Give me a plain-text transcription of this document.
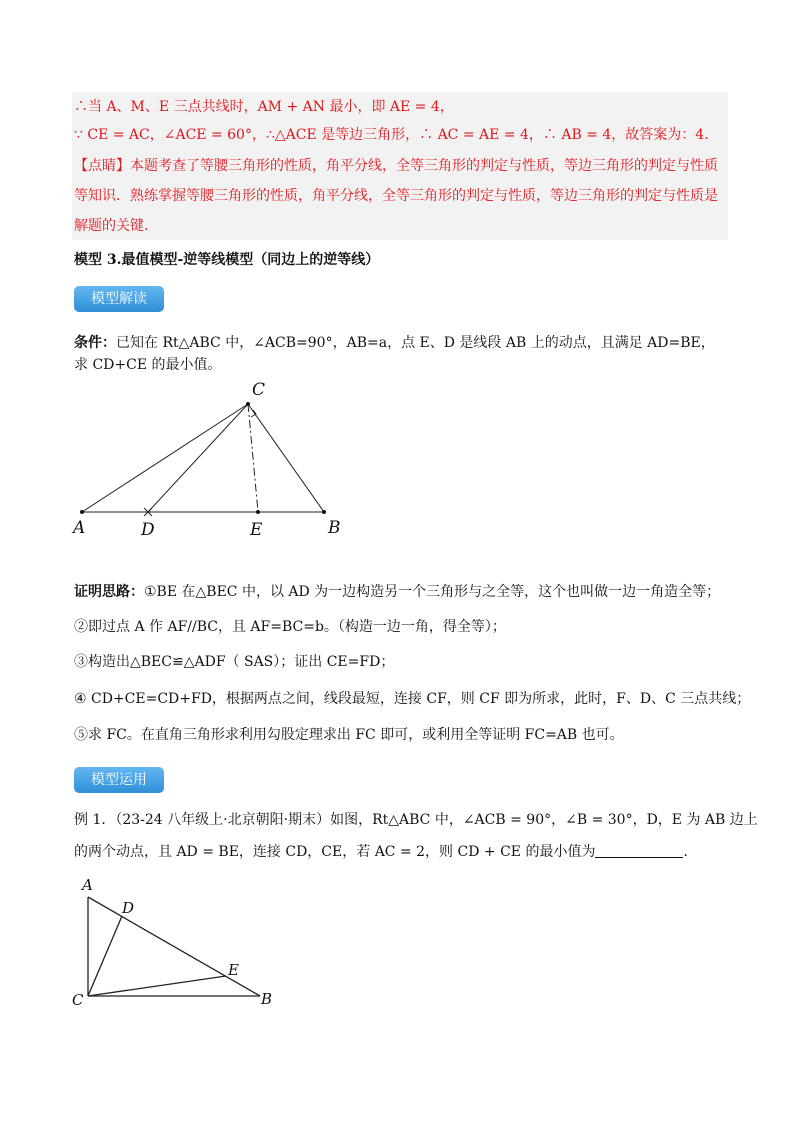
∴当 A、M、E 三点共线时，AM + AN 最小，即 AE = 4，
∵ CE = AC，∠ACE = 60°，∴△ACE 是等边三角形，∴ AC = AE = 4，∴ AB = 4，故答案为：4.
【点睛】本题考查了等腰三角形的性质，角平分线，全等三角形的判定与性质，等边三角形的判定与性质
等知识．熟练掌握等腰三角形的性质，角平分线，全等三角形的判定与性质，等边三角形的判定与性质是
解题的关键.
模型 3.最值模型-逆等线模型（同边上的逆等线）
模型解读
条件：已知在 Rt△ABC 中，∠ACB=90°，AB=a，点 E、D 是线段 AB 上的动点，且满足 AD=BE，
求 CD+CE 的最小值。
C
A	D	E	B
证明思路：①BE 在△BEC 中，以 AD 为一边构造另一个三角形与之全等，这个也叫做一边一角造全等；
②即过点 A 作 AF//BC，且 AF=BC=b。（构造一边一角，得全等）；
③构造出△BEC≌△ADF（ SAS）；证出 CE=FD；
④ CD+CE=CD+FD，根据两点之间，线段最短，连接 CF，则 CF 即为所求，此时，F、D、C 三点共线；
⑤求 FC。在直角三角形求利用勾股定理求出 FC 即可，或利用全等证明 FC=AB 也可。
模型运用
例 1．（23-24 八年级上·北京朝阳·期末）如图，Rt△ABC 中，∠ACB = 90°，∠B = 30°，D，E 为 AB 边上
的两个动点，且 AD = BE，连接 CD，CE，若 AC = 2，则 CD + CE 的最小值为	．
A
D
E
C	B
